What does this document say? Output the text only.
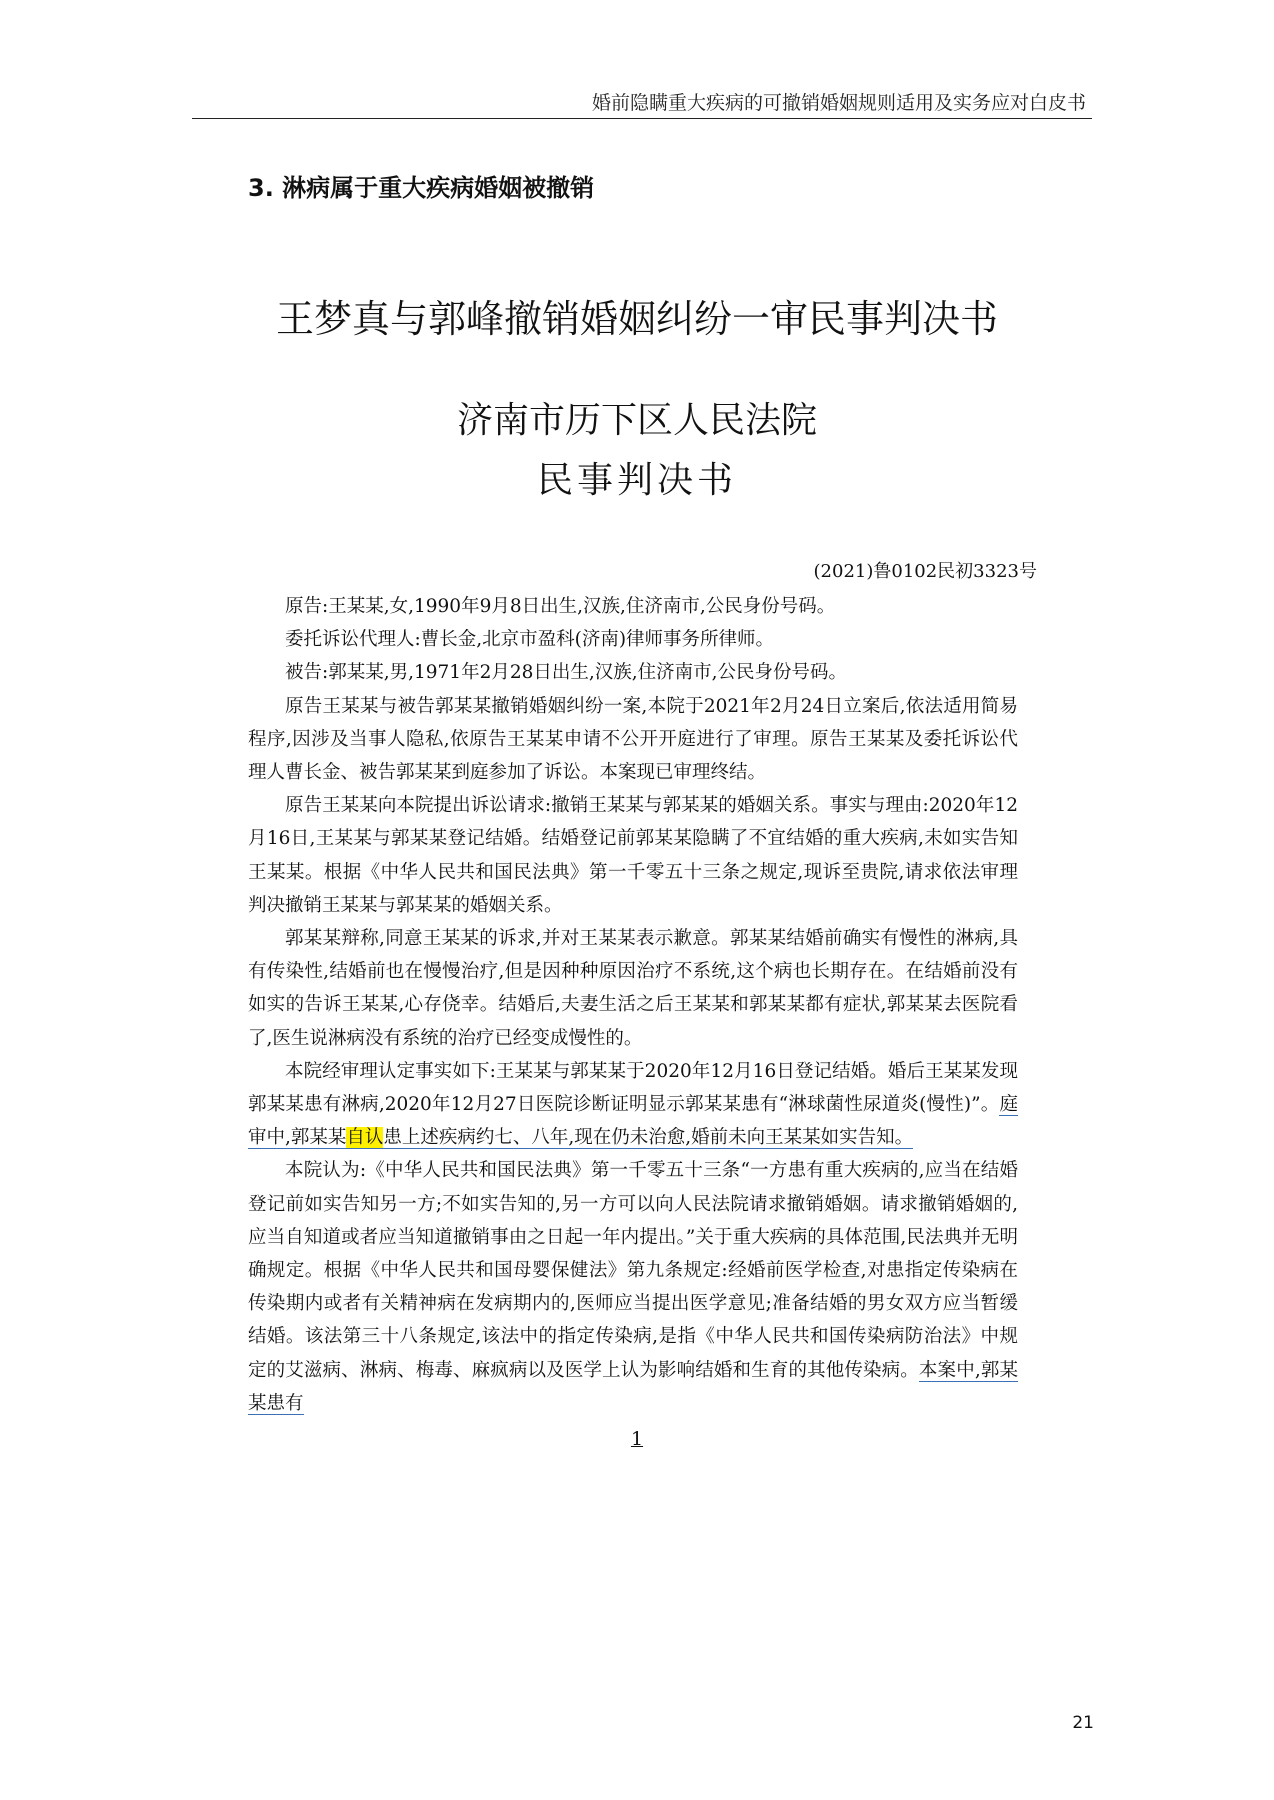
婚前隐瞒重大疾病的可撤销婚姻规则适用及实务应对白皮书
3. 淋病属于重大疾病婚姻被撤销
王梦真与郭峰撤销婚姻纠纷一审民事判决书
济南市历下区人民法院
民事判决书
(2021)鲁0102民初3323号

原告:王某某,女,1990年9月8日出生,汉族,住济南市,公民身份号码。

委托诉讼代理人:曹长金,北京市盈科(济南)律师事务所律师。

被告:郭某某,男,1971年2月28日出生,汉族,住济南市,公民身份号码。

原告王某某与被告郭某某撤销婚姻纠纷一案,本院于2021年2月24日立案后,依法适用简易程序,因涉及当事人隐私,依原告王某某申请不公开开庭进行了审理。原告王某某及委托诉讼代理人曹长金、被告郭某某到庭参加了诉讼。本案现已审理终结。

原告王某某向本院提出诉讼请求:撤销王某某与郭某某的婚姻关系。事实与理由:2020年12月16日,王某某与郭某某登记结婚。结婚登记前郭某某隐瞒了不宜结婚的重大疾病,未如实告知王某某。根据《中华人民共和国民法典》第一千零五十三条之规定,现诉至贵院,请求依法审理判决撤销王某某与郭某某的婚姻关系。

郭某某辩称,同意王某某的诉求,并对王某某表示歉意。郭某某结婚前确实有慢性的淋病,具有传染性,结婚前也在慢慢治疗,但是因种种原因治疗不系统,这个病也长期存在。在结婚前没有如实的告诉王某某,心存侥幸。结婚后,夫妻生活之后王某某和郭某某都有症状,郭某某去医院看了,医生说淋病没有系统的治疗已经变成慢性的。

本院经审理认定事实如下:王某某与郭某某于2020年12月16日登记结婚。婚后王某某发现郭某某患有淋病,2020年12月27日医院诊断证明显示郭某某患有“淋球菌性尿道炎(慢性)”。庭审中,郭某某自认患上述疾病约七、八年,现在仍未治愈,婚前未向王某某如实告知。

本院认为:《中华人民共和国民法典》第一千零五十三条“一方患有重大疾病的,应当在结婚登记前如实告知另一方;不如实告知的,另一方可以向人民法院请求撤销婚姻。请求撤销婚姻的,应当自知道或者应当知道撤销事由之日起一年内提出。”关于重大疾病的具体范围,民法典并无明确规定。根据《中华人民共和国母婴保健法》第九条规定:经婚前医学检查,对患指定传染病在传染期内或者有关精神病在发病期内的,医师应当提出医学意见;准备结婚的男女双方应当暂缓结婚。该法第三十八条规定,该法中的指定传染病,是指《中华人民共和国传染病防治法》中规定的艾滋病、淋病、梅毒、麻疯病以及医学上认为影响结婚和生育的其他传染病。本案中,郭某某患有

1
21
